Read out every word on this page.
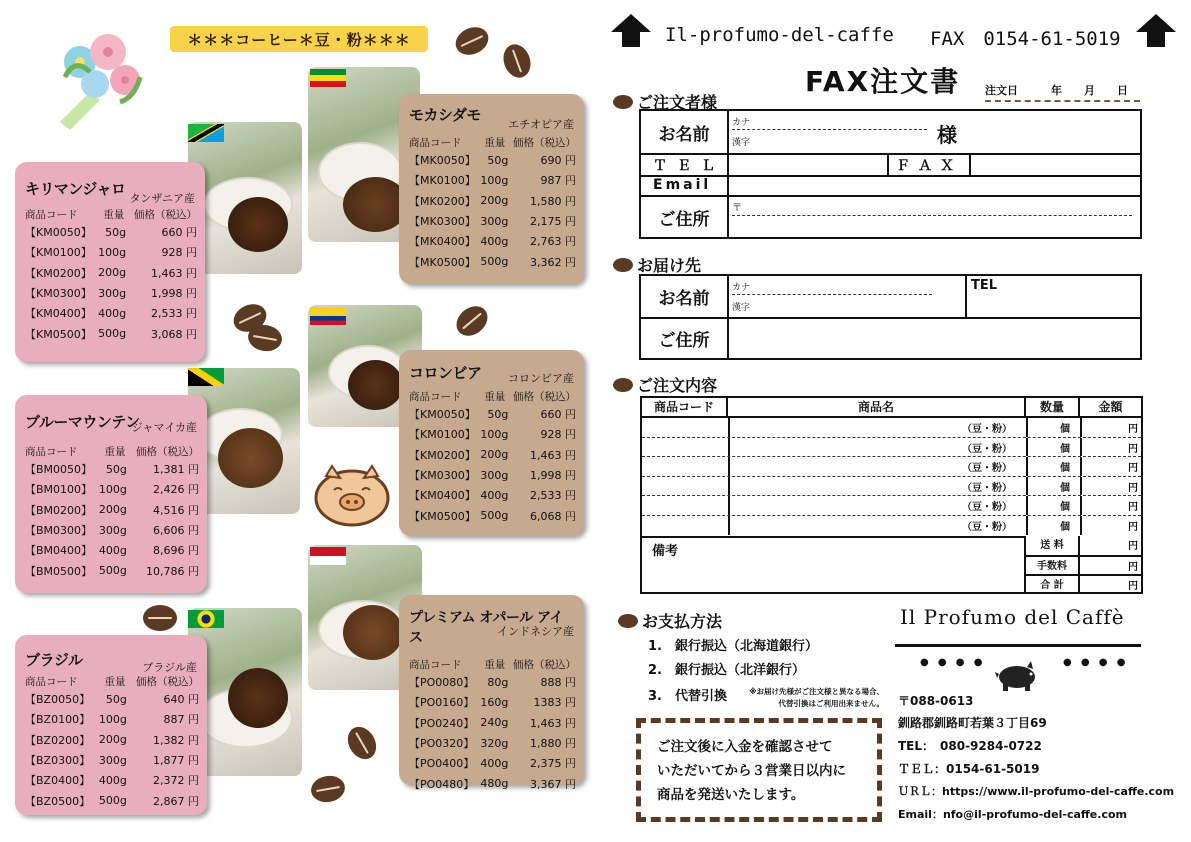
＊＊＊コーヒー＊豆・粉＊＊＊
キリマンジャロ
タンザニア産
商品コード	重量 価格（税込）
【KM0050】	50g	660 円
【KM0100】 100g	928 円
【KM0200】 200g	1,463 円
【KM0300】 300g	1,998 円
【KM0400】 400g	2,533 円
【KM0500】 500g	3,068 円
モカシダモ
エチオピア産
商品コード	重量 価格（税込）
【MK0050】	50g	690 円
【MK0100】 100g	987 円
【MK0200】 200g	1,580 円
【MK0300】 300g	2,175 円
【MK0400】 400g	2,763 円
【MK0500】 500g	3,362 円
ブルーマウンテン
ジャマイカ産
商品コード	重量	価格（税込）
【BM0050】	50g	1,381 円
【BM0100】 100g	2,426 円
【BM0200】 200g	4,516 円
【BM0300】 300g	6,606 円
【BM0400】 400g	8,696 円
【BM0500】 500g	10,786 円
コロンビア	コロンビア産
商品コード	重量 価格（税込）
【KM0050】	50g	660 円
【KM0100】 100g	928 円
【KM0200】 200g	1,463 円
【KM0300】 300g	1,998 円
【KM0400】 400g	2,533 円
【KM0500】 500g	6,068 円
ブラジル	ブラジル産
商品コード	重量	価格（税込）
【BZ0050】	50g	640 円
【BZ0100】 100g	887 円
【BZ0200】 200g	1,382 円
【BZ0300】 300g	1,877 円
【BZ0400】 400g	2,372 円
【BZ0500】 500g	2,867 円
プレミアム オパール アイス	インドネシア産
商品コード	重量 価格（税込）
【PO0080】	80g	888 円
【PO0160】 160g	1383 円
【PO0240】 240g	1,463 円
【PO0320】 320g	1,880 円
【PO0400】 400g	2,375 円
【PO0480】 480g	3,367 円
Il-profumo-del-caffe FAX　0154-61-5019
FAX注文書 注文日　　　年　　月　　日
ご注文者様
お名前
カナ
漢字	様
ＴＥＬ	ＦＡＸ
Email
ご住所
〒
お届け先
お名前
カナ
漢字
TEL
ご住所
ご注文内容
商品コード	商品名	数量	金額
（豆・粉）	個	円
（豆・粉）	個	円
（豆・粉）	個	円
（豆・粉）	個	円
（豆・粉）	個	円
（豆・粉）	個	円
備考	送 料	円
手数料	円
合 計	円
お支払方法
1.　銀行振込（北海道銀行）
2.　銀行振込（北洋銀行）
3.　代替引換	※お届け先様がご注文様と異なる場合、
代替引換はご利用出来ません。
ご注文後に入金を確認させて
いただいてから３営業日以内に
商品を発送いたします。
Il Profumo del Caffè
● ● ● ●	● ● ● ●
〒088-0613
釧路郡釧路町若葉３丁目69
TEL：　080-9284-0722
ＴＥＬ：0154-61-5019
ＵＲＬ：https://www.il-profumo-del-caffe.com
Email：nfo@il-profumo-del-caffe.com
